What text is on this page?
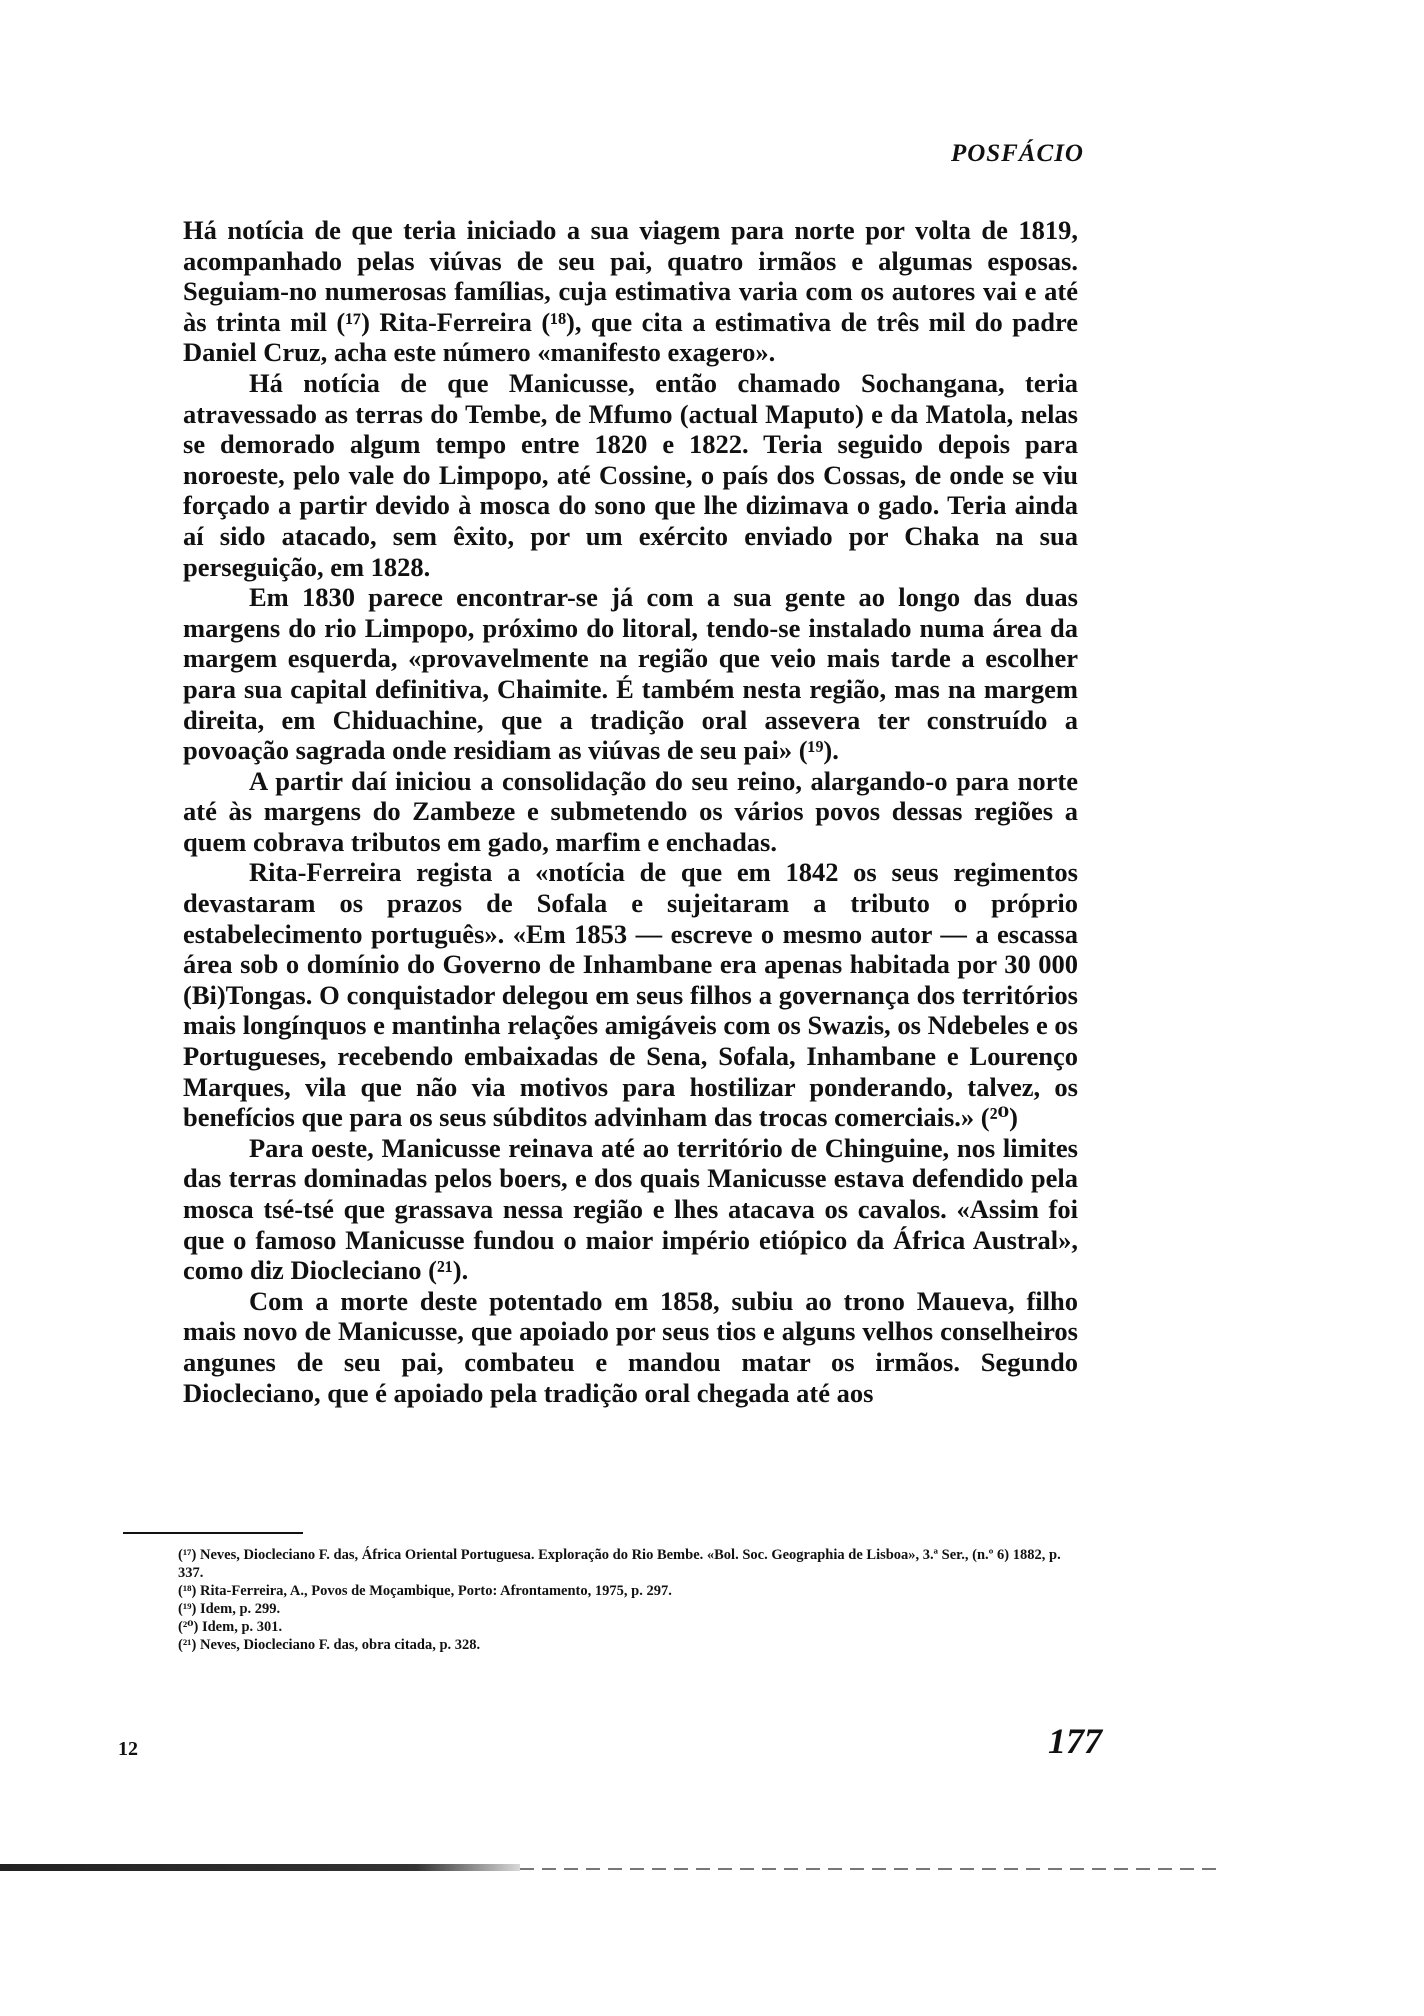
POSFÁCIO

Há notícia de que teria iniciado a sua viagem para norte por volta de 1819, acompanhado pelas viúvas de seu pai, quatro irmãos e algumas esposas. Seguiam-no numerosas famílias, cuja estimativa varia com os autores vai e até às trinta mil (¹⁷) Rita-Ferreira (¹⁸), que cita a estimativa de três mil do padre Daniel Cruz, acha este número «manifesto exagero».

Há notícia de que Manicusse, então chamado Sochangana, teria atravessado as terras do Tembe, de Mfumo (actual Maputo) e da Matola, nelas se demorado algum tempo entre 1820 e 1822. Teria seguido depois para noroeste, pelo vale do Limpopo, até Cossine, o país dos Cossas, de onde se viu forçado a partir devido à mosca do sono que lhe dizimava o gado. Teria ainda aí sido atacado, sem êxito, por um exército enviado por Chaka na sua perseguição, em 1828.

Em 1830 parece encontrar-se já com a sua gente ao longo das duas margens do rio Limpopo, próximo do litoral, tendo-se instalado numa área da margem esquerda, «provavelmente na região que veio mais tarde a escolher para sua capital definitiva, Chaimite. É também nesta região, mas na margem direita, em Chiduachine, que a tradição oral assevera ter construído a povoação sagrada onde residiam as viúvas de seu pai» (¹⁹).

A partir daí iniciou a consolidação do seu reino, alargando-o para norte até às margens do Zambeze e submetendo os vários povos dessas regiões a quem cobrava tributos em gado, marfim e enchadas.

Rita-Ferreira regista a «notícia de que em 1842 os seus regimentos devastaram os prazos de Sofala e sujeitaram a tributo o próprio estabelecimento português». «Em 1853 — escreve o mesmo autor — a escassa área sob o domínio do Governo de Inhambane era apenas habitada por 30 000 (Bi)Tongas. O conquistador delegou em seus filhos a governança dos territórios mais longínquos e mantinha relações amigáveis com os Swazis, os Ndebeles e os Portugueses, recebendo embaixadas de Sena, Sofala, Inhambane e Lourenço Marques, vila que não via motivos para hostilizar ponderando, talvez, os benefícios que para os seus súbditos advinham das trocas comerciais.» (²⁰)

Para oeste, Manicusse reinava até ao território de Chinguine, nos limites das terras dominadas pelos boers, e dos quais Manicusse estava defendido pela mosca tsé-tsé que grassava nessa região e lhes atacava os cavalos. «Assim foi que o famoso Manicusse fundou o maior império etiópico da África Austral», como diz Diocleciano (²¹).

Com a morte deste potentado em 1858, subiu ao trono Maueva, filho mais novo de Manicusse, que apoiado por seus tios e alguns velhos conselheiros angunes de seu pai, combateu e mandou matar os irmãos. Segundo Diocleciano, que é apoiado pela tradição oral chegada até aos

(¹⁷) Neves, Diocleciano F. das, África Oriental Portuguesa. Exploração do Rio Bembe. «Bol. Soc. Geographia de Lisboa», 3.ª Ser., (n.º 6) 1882, p. 337.

(¹⁸) Rita-Ferreira, A., Povos de Moçambique, Porto: Afrontamento, 1975, p. 297.

(¹⁹) Idem, p. 299.

(²⁰) Idem, p. 301.

(²¹) Neves, Diocleciano F. das, obra citada, p. 328.

12	177
